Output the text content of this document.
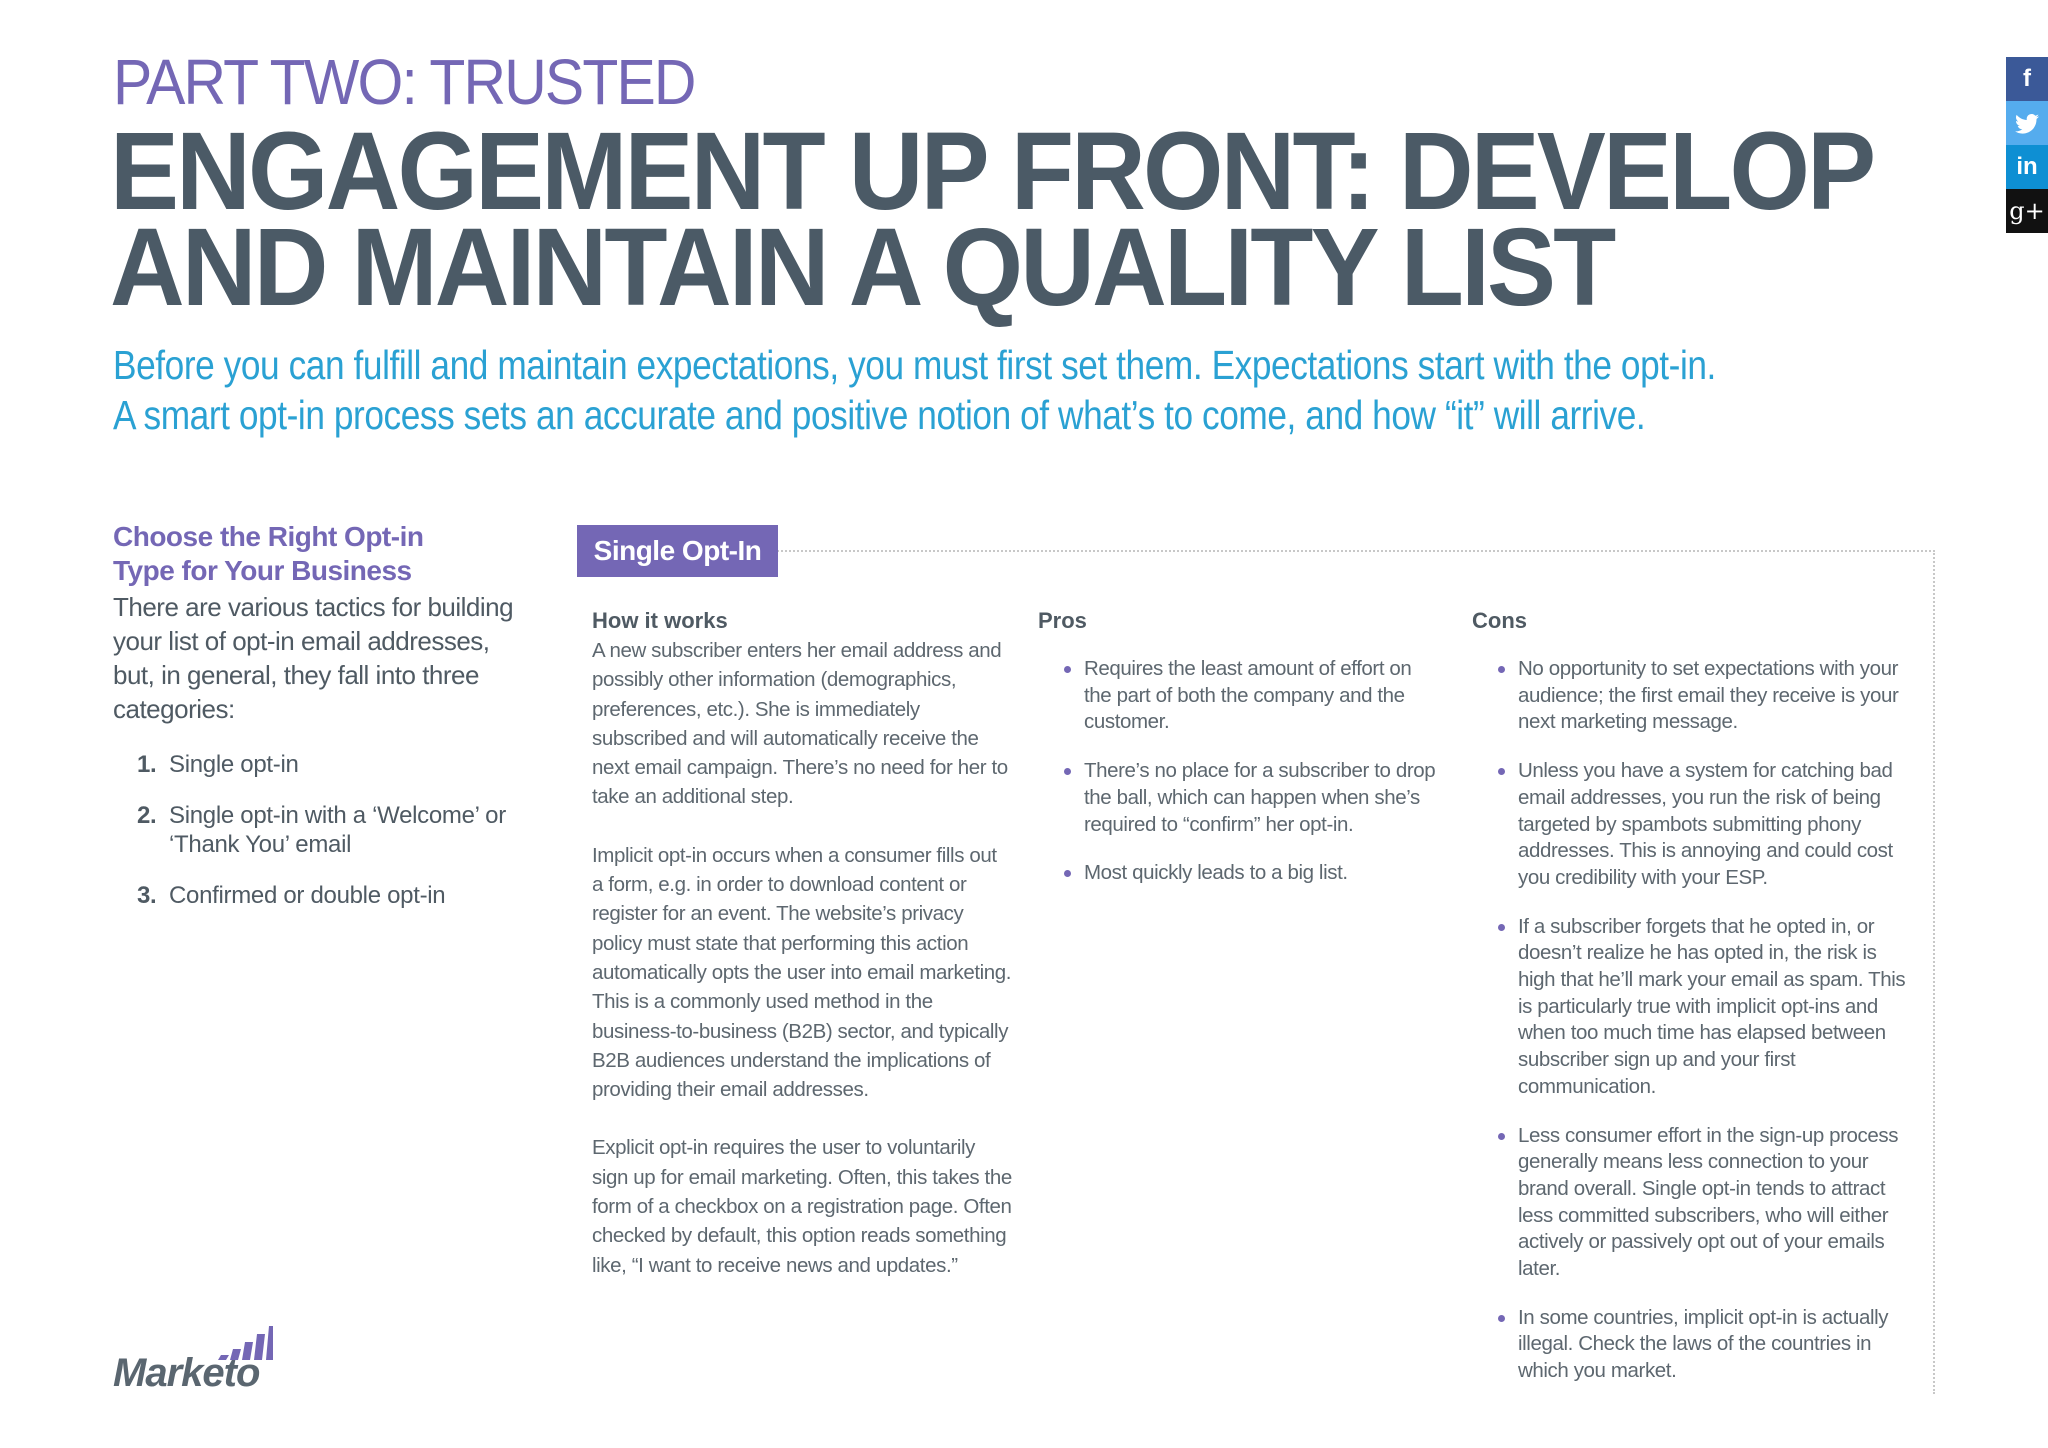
PART TWO: TRUSTED
ENGAGEMENT UP FRONT: DEVELOP
AND MAINTAIN A QUALITY LIST
Before you can fulfill and maintain expectations, you must first set them. Expectations start with the opt-in.
A smart opt-in process sets an accurate and positive notion of what’s to come, and how “it” will arrive.
Choose the Right Opt-in
Type for Your Business
There are various tactics for building your list of opt-in email addresses, but, in general, they fall into three categories:
1. Single opt-in
2. Single opt-in with a ‘Welcome’ or ‘Thank You’ email
3. Confirmed or double opt-in
Single Opt-In
How it works

A new subscriber enters her email address and possibly other information (demographics, preferences, etc.). She is immediately subscribed and will automatically receive the next email campaign. There’s no need for her to take an additional step.

Implicit opt-in occurs when a consumer fills out a form, e.g. in order to download content or register for an event. The website’s privacy policy must state that performing this action automatically opts the user into email marketing. This is a commonly used method in the business-to-business (B2B) sector, and typically B2B audiences understand the implications of providing their email addresses.

Explicit opt-in requires the user to voluntarily sign up for email marketing. Often, this takes the form of a checkbox on a registration page. Often checked by default, this option reads something like, “I want to receive news and updates.”

Pros
Requires the least amount of effort on the part of both the company and the customer.
There’s no place for a subscriber to drop the ball, which can happen when she’s required to “confirm” her opt-in.
Most quickly leads to a big list.
Cons
No opportunity to set expectations with your audience; the first email they receive is your next marketing message.
Unless you have a system for catching bad email addresses, you run the risk of being targeted by spambots submitting phony addresses. This is annoying and could cost you credibility with your ESP.
If a subscriber forgets that he opted in, or doesn’t realize he has opted in, the risk is high that he’ll mark your email as spam. This is particularly true with implicit opt-ins and when too much time has elapsed between subscriber sign up and your first communication.
Less consumer effort in the sign-up process generally means less connection to your brand overall. Single opt-in tends to attract less committed subscribers, who will either actively or passively opt out of your emails later.
In some countries, implicit opt-in is actually illegal. Check the laws of the countries in which you market.
f
in
g+
Marketo
